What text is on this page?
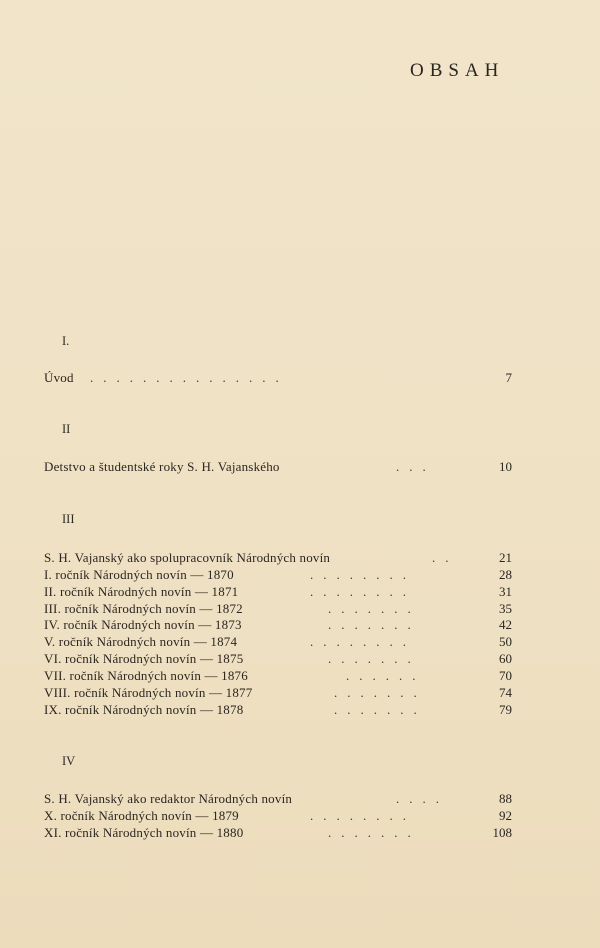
OBSAH
I.
Úvod ...............	7
II
Detstvo a študentské roky S. H. Vajanského	...	10
III
S. H. Vajanský ako spolupracovník Národných novín	..	21
I. ročník Národných novín — 1870	........	28
II. ročník Národných novín — 1871	........	31
III. ročník Národných novín — 1872	.......	35
IV. ročník Národných novín — 1873	.......	42
V. ročník Národných novín — 1874	........	50
VI. ročník Národných novín — 1875	.......	60
VII. ročník Národných novín — 1876	......	70
VIII. ročník Národných novín — 1877	.......	74
IX. ročník Národných novín — 1878	.......	79
IV
S. H. Vajanský ako redaktor Národných novín	....	88
X. ročník Národných novín — 1879	........	92
XI. ročník Národných novín — 1880	.......	108
